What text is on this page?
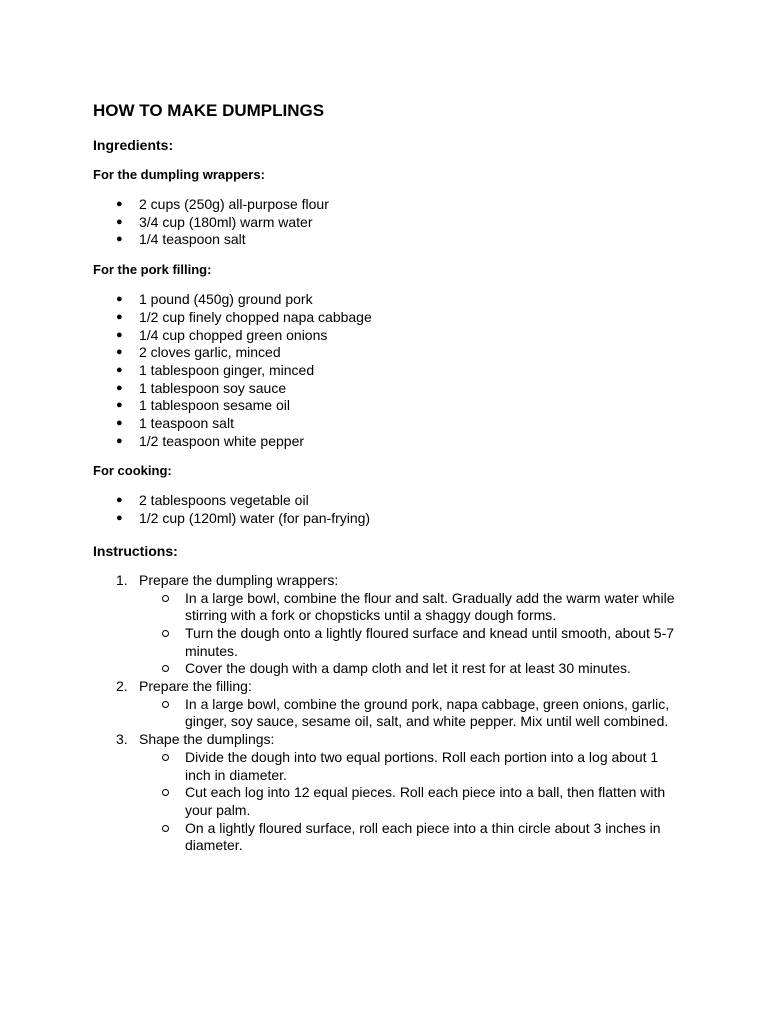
HOW TO MAKE DUMPLINGS
Ingredients:
For the dumpling wrappers:
● 2 cups (250g) all-purpose flour
● 3/4 cup (180ml) warm water
● 1/4 teaspoon salt
For the pork filling:
● 1 pound (450g) ground pork
● 1/2 cup finely chopped napa cabbage
● 1/4 cup chopped green onions
● 2 cloves garlic, minced
● 1 tablespoon ginger, minced
● 1 tablespoon soy sauce
● 1 tablespoon sesame oil
● 1 teaspoon salt
● 1/2 teaspoon white pepper
For cooking:
● 2 tablespoons vegetable oil
● 1/2 cup (120ml) water (for pan-frying)
Instructions:
1. Prepare the dumpling wrappers:
In a large bowl, combine the flour and salt. Gradually add the warm water while stirring with a fork or chopsticks until a shaggy dough forms.
Turn the dough onto a lightly floured surface and knead until smooth, about 5-7 minutes.
Cover the dough with a damp cloth and let it rest for at least 30 minutes.
2. Prepare the filling:
In a large bowl, combine the ground pork, napa cabbage, green onions, garlic, ginger, soy sauce, sesame oil, salt, and white pepper. Mix until well combined.
3. Shape the dumplings:
Divide the dough into two equal portions. Roll each portion into a log about 1 inch in diameter.
Cut each log into 12 equal pieces. Roll each piece into a ball, then flatten with your palm.
On a lightly floured surface, roll each piece into a thin circle about 3 inches in diameter.
